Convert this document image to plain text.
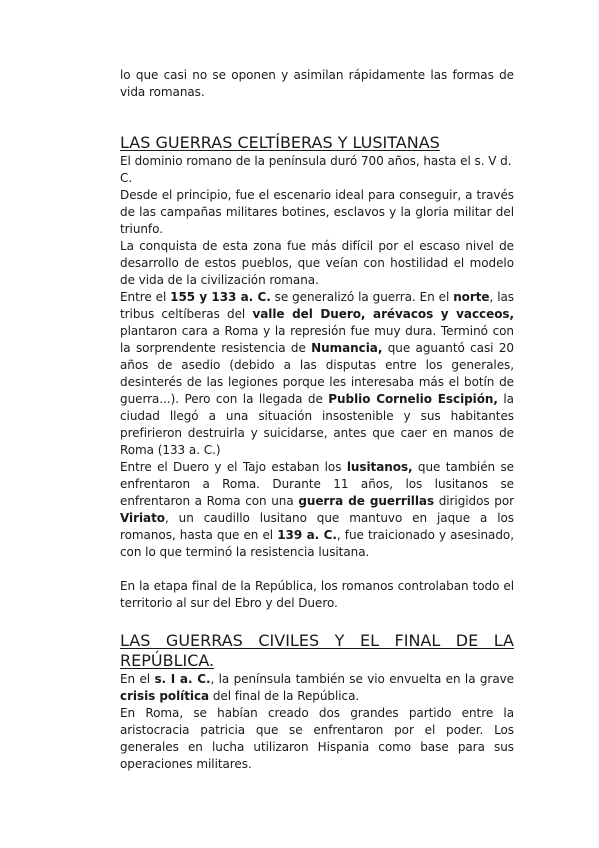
lo que casi no se oponen y asimilan rápidamente las formas de vida romanas.

LAS GUERRAS CELTÍBERAS Y LUSITANAS

El dominio romano de la península duró 700 años, hasta el s. V d. C.

Desde el principio, fue el escenario ideal para conseguir, a través de las campañas militares botines, esclavos y la gloria militar del triunfo.

La conquista de esta zona fue más difícil por el escaso nivel de desarrollo de estos pueblos, que veían con hostilidad el modelo de vida de la civilización romana.

Entre el 155 y 133 a. C. se generalizó la guerra. En el norte, las tribus celtíberas del valle del Duero, arévacos y vacceos, plantaron cara a Roma y la represión fue muy dura. Terminó con la sorprendente resistencia de Numancia, que aguantó casi 20 años de asedio (debido a las disputas entre los generales, desinterés de las legiones porque les interesaba más el botín de guerra...). Pero con la llegada de Publio Cornelio Escipión, la ciudad llegó a una situación insostenible y sus habitantes prefirieron destruirla y suicidarse, antes que caer en manos de Roma (133 a. C.)

Entre el Duero y el Tajo estaban los lusitanos, que también se enfrentaron a Roma. Durante 11 años, los lusitanos se enfrentaron a Roma con una guerra de guerrillas dirigidos por Viriato, un caudillo lusitano que mantuvo en jaque a los romanos, hasta que en el 139 a. C., fue traicionado y asesinado, con lo que terminó la resistencia lusitana.

En la etapa final de la República, los romanos controlaban todo el territorio al sur del Ebro y del Duero.

LAS GUERRAS CIVILES Y EL FINAL DE LA
REPÚBLICA.

En el s. I a. C., la península también se vio envuelta en la grave crisis política del final de la República.

En Roma, se habían creado dos grandes partido entre la aristocracia patricia que se enfrentaron por el poder. Los generales en lucha utilizaron Hispania como base para sus operaciones militares.
